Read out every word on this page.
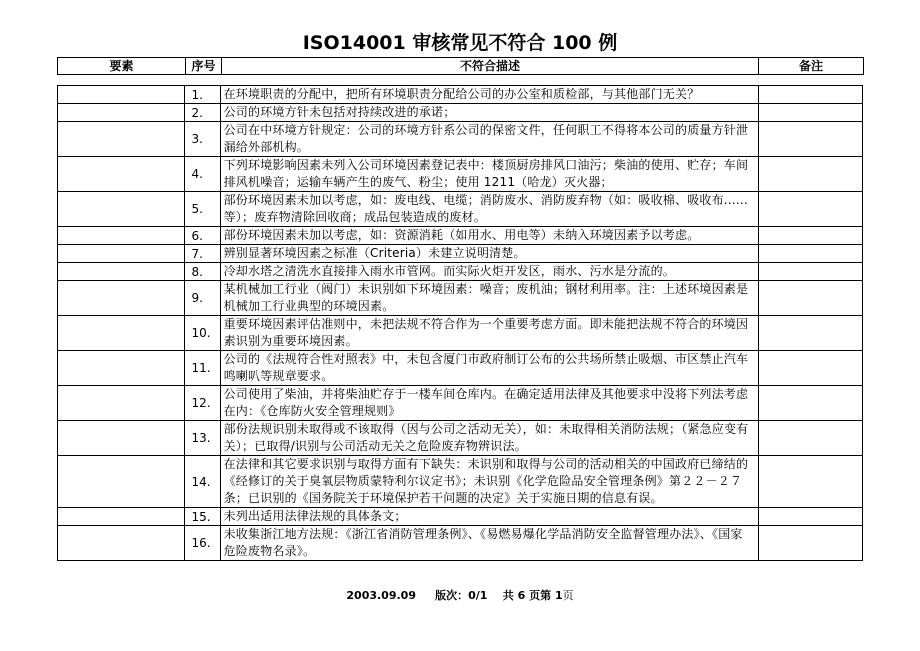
ISO14001 审核常见不符合 100 例
要素	序号	不符合描述	备注
	1.	在环境职责的分配中，把所有环境职责分配给公司的办公室和质检部，与其他部门无关？	
	2.	公司的环境方针未包括对持续改进的承诺；	
	3.	公司在中环境方针规定：公司的环境方针系公司的保密文件，任何职工不得将本公司的质量方针泄漏给外部机构。	
	4.	下列环境影响因素未列入公司环境因素登记表中：楼顶厨房排风口油污；柴油的使用、贮存；车间排风机噪音；运输车辆产生的废气、粉尘；使用 1211（哈龙）灭火器；	
	5.	部份环境因素未加以考虑，如：废电线、电缆；消防废水、消防废弃物（如：吸收棉、吸收布......等）；废弃物清除回收商；成品包装造成的废材。	
	6.	部份环境因素未加以考虑，如：资源消耗（如用水、用电等）未纳入环境因素予以考虑。	
	7.	辨别显著环境因素之标准（Criteria）未建立说明清楚。	
	8.	冷却水塔之清洗水直接排入雨水市管网。而实际火炬开发区，雨水、污水是分流的。	
	9.	某机械加工行业（阀门）未识别如下环境因素：噪音；废机油；钢材利用率。注：上述环境因素是机械加工行业典型的环境因素。	
	10.	重要环境因素评估准则中，未把法规不符合作为一个重要考虑方面。即未能把法规不符合的环境因素识别为重要环境因素。	
	11.	公司的《法规符合性对照表》中，未包含厦门市政府制订公布的公共场所禁止吸烟、市区禁止汽车鸣喇叭等规章要求。	
	12.	公司使用了柴油，并将柴油贮存于一楼车间仓库内。在确定适用法律及其他要求中没将下列法考虑在内：《仓库防火安全管理规则》	
	13.	部份法规识别未取得或不该取得（因与公司之活动无关），如：未取得相关消防法规；（紧急应变有关）；已取得/识别与公司活动无关之危险废弃物辨识法。	
	14.	在法律和其它要求识别与取得方面有下缺失：未识别和取得与公司的活动相关的中国政府已缔结的《经修订的关于臭氧层物质蒙特利尔议定书》；未识别《化学危险品安全管理条例》第２２－２７条；已识别的《国务院关于环境保护若干问题的决定》关于实施日期的信息有误。	
	15.	未列出适用法律法规的具体条文；	
	16.	未收集浙江地方法规：《浙江省消防管理条例》、《易燃易爆化学品消防安全监督管理办法》、《国家危险废物名录》。	
2003.09.09 版次：0/1 共 6 页第 1页
